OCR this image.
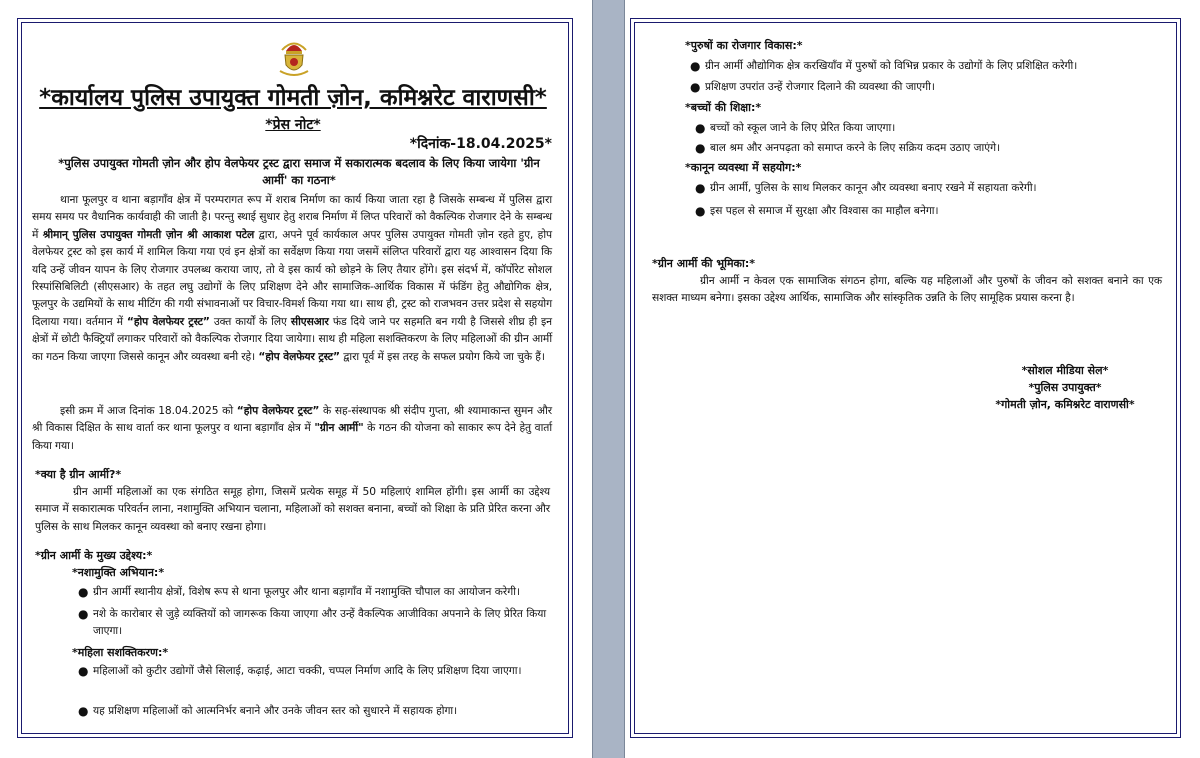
*कार्यालय पुलिस उपायुक्त गोमती ज़ोन, कमिश्नरेट वाराणसी*
*प्रेस नोट*
*दिनांक-18.04.2025*
*पुलिस उपायुक्त गोमती ज़ोन और होप वेलफेयर ट्रस्ट द्वारा समाज में सकारात्मक बदलाव के लिए किया जायेगा 'ग्रीन आर्मी' का गठना*
थाना फूलपुर व थाना बड़ागाँव क्षेत्र में परम्परागत रूप में शराब निर्माण का कार्य किया जाता रहा है जिसके सम्बन्ध में पुलिस द्वारा समय समय पर वैधानिक कार्यवाही की जाती है। परन्तु स्थाई सुधार हेतु शराब निर्माण में लिप्त परिवारों को वैकल्पिक रोजगार देने के सम्बन्ध में श्रीमान् पुलिस उपायुक्त गोमती ज़ोन श्री आकाश पटेल द्वारा, अपने पूर्व कार्यकाल अपर पुलिस उपायुक्त गोमती ज़ोन रहते हुए, होप वेलफेयर ट्रस्ट को इस कार्य में शामिल किया गया एवं इन क्षेत्रों का सर्वेक्षण किया गया जसमें संलिप्त परिवारों द्वारा यह आश्वासन दिया कि यदि उन्हें जीवन यापन के लिए रोजगार उपलब्ध कराया जाए, तो वे इस कार्य को छोड़ने के लिए तैयार होंगे। इस संदर्भ में, कॉर्पोरेट सोशल रिस्पांसिबिलिटी (सीएसआर) के तहत लघु उद्योगों के लिए प्रशिक्षण देने और सामाजिक-आर्थिक विकास में फंडिंग हेतु औद्योगिक क्षेत्र, फूलपुर के उद्यमियों के साथ मीटिंग की गयी संभावनाओं पर विचार-विमर्श किया गया था। साथ ही, ट्रस्ट को राजभवन उत्तर प्रदेश से सहयोग दिलाया गया। वर्तमान में “होप वेलफेयर ट्रस्ट” उक्त कार्यों के लिए सीएसआर फंड दिये जाने पर सहमति बन गयी है जिससे शीघ्र ही इन क्षेत्रों में छोटी फैक्ट्रियाँ लगाकर परिवारों को वैकल्पिक रोजगार दिया जायेगा। साथ ही महिला सशक्तिकरण के लिए महिलाओं की ग्रीन आर्मी का गठन किया जाएगा जिससे कानून और व्यवस्था बनी रहे। “होप वेलफेयर ट्रस्ट” द्वारा पूर्व में इस तरह के सफल प्रयोग किये जा चुके हैं।
इसी क्रम में आज दिनांक 18.04.2025 को “होप वेलफेयर ट्रस्ट” के सह-संस्थापक श्री संदीप गुप्ता, श्री श्यामाकान्त सुमन और श्री विकास दिक्षित के साथ वार्ता कर थाना फूलपुर व थाना बड़ागाँव क्षेत्र में "ग्रीन आर्मी" के गठन की योजना को साकार रूप देने हेतु वार्ता किया गया।
*क्या है ग्रीन आर्मी?*
ग्रीन आर्मी महिलाओं का एक संगठित समूह होगा, जिसमें प्रत्येक समूह में 50 महिलाएं शामिल होंगी। इस आर्मी का उद्देश्य समाज में सकारात्मक परिवर्तन लाना, नशामुक्ति अभियान चलाना, महिलाओं को सशक्त बनाना, बच्चों को शिक्षा के प्रति प्रेरित करना और पुलिस के साथ मिलकर कानून व्यवस्था को बनाए रखना होगा।
*ग्रीन आर्मी के मुख्य उद्देश्य:*
*नशामुक्ति अभियान:*
● ग्रीन आर्मी स्थानीय क्षेत्रों, विशेष रूप से थाना फूलपुर और थाना बड़ागाँव में नशामुक्ति चौपाल का आयोजन करेगी।
● नशे के कारोबार से जुड़े व्यक्तियों को जागरूक किया जाएगा और उन्हें वैकल्पिक आजीविका अपनाने के लिए प्रेरित किया जाएगा।
*महिला सशक्तिकरण:*
● महिलाओं को कुटीर उद्योगों जैसे सिलाई, कढ़ाई, आटा चक्की, चप्पल निर्माण आदि के लिए प्रशिक्षण दिया जाएगा।
● यह प्रशिक्षण महिलाओं को आत्मनिर्भर बनाने और उनके जीवन स्तर को सुधारने में सहायक होगा।
*पुरुषों का रोजगार विकास:*
● ग्रीन आर्मी औद्योगिक क्षेत्र करखियाँव में पुरुषों को विभिन्न प्रकार के उद्योगों के लिए प्रशिक्षित करेगी।
● प्रशिक्षण उपरांत उन्हें रोजगार दिलाने की व्यवस्था की जाएगी।
*बच्चों की शिक्षा:*
● बच्चों को स्कूल जाने के लिए प्रेरित किया जाएगा।
● बाल श्रम और अनपढ़ता को समाप्त करने के लिए सक्रिय कदम उठाए जाएंगे।
*कानून व्यवस्था में सहयोग:*
● ग्रीन आर्मी, पुलिस के साथ मिलकर कानून और व्यवस्था बनाए रखने में सहायता करेगी।
● इस पहल से समाज में सुरक्षा और विश्वास का माहौल बनेगा।
*ग्रीन आर्मी की भूमिका:*
ग्रीन आर्मी न केवल एक सामाजिक संगठन होगा, बल्कि यह महिलाओं और पुरुषों के जीवन को सशक्त बनाने का एक सशक्त माध्यम बनेगा। इसका उद्देश्य आर्थिक, सामाजिक और सांस्कृतिक उन्नति के लिए सामूहिक प्रयास करना है।
*सोशल मीडिया सेल*
*पुलिस उपायुक्त*
*गोमती ज़ोन, कमिश्नरेट वाराणसी*
